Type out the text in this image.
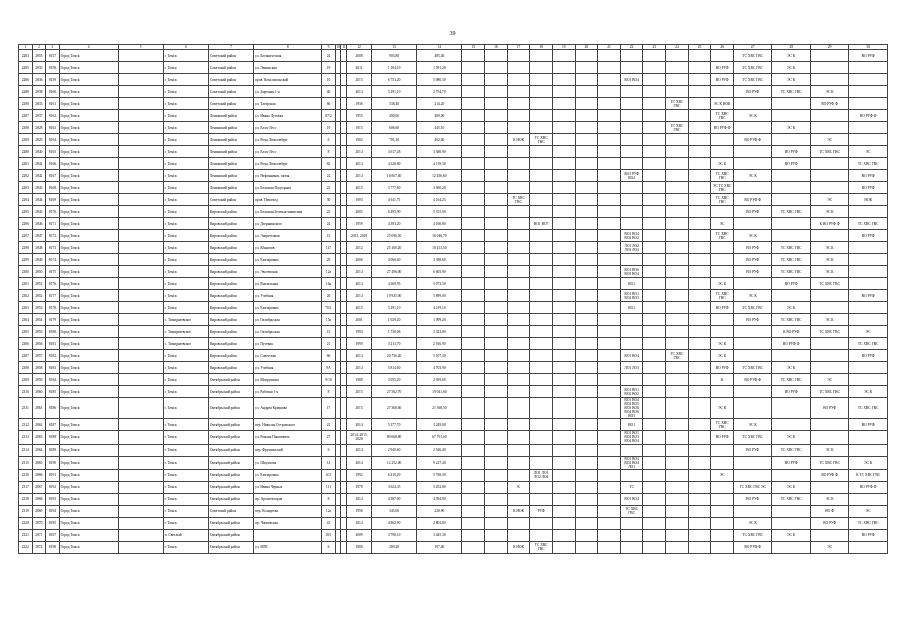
39
1	2	3	4	5	6	7	8	9	10	11	12	13	14	15	16	17	18	19	20	21	22	23	24	25	26	27	28	29	30
2283	2855	8157	Город Томск		г. Томск	Советский район	ул. Ботаническая	24			2008	903,80	485,40													ТС ХВС ГВС	ЭС К		ВО РУФ
2285	2835	8158	Город Томск		г. Томск	Советский район	ул. Ленинская	19			2011	1 104,10	1 591,20												ВО РУФ	ТС ХВС ГВС	ЭС К		
2286	2836	8159	Город Томск		г. Томск	Советский район	пров. Комсомольский	10			2015	6 753,20	5 080,30								ВО1 ВО4				ВО РУФ	ТС ХВС ГВС	ЭС К		
2288	2838	8160	Город Томск		г. Томск	Советский район	ул. Заречная 1-я	40			2014	5 291,10	2 754,70													ВО РУФ	ТС ХВС ГВС	ЭС К	
2290	2833	8161	Город Томск		г. Томск	Советский район	ул. Татарская	66			1936	338,40	214,20										ТС ХВС ГВС		ЭС К НОК			ВО РУФ Ф	
2307	2837	8162	Город Томск		г. Томск	Ленинский район	ул. Ивана Лутовка	87/2			1955	490,00	490,00												ТС ХВС ГВС	ЭС К			ВО РУФ Ф
2308	2828	8163	Город Томск		г. Томск	Ленинский район	ул. Елок-Лесс	19			1915	606,60	445,10										ТС ХВС ГВС		ВО РУФ Ф		ЭС К		
2309	2829	8164	Город Томск		г. Томск	Ленинский район	ул. Розы Люксембург	6			1902	701,10	462,60			К НОК	ТС ХВС ГВС									ВО РУФ Ф		ЭС	
2280	2840	8165	Город Томск		г. Томск	Ленинский район	ул. Елок-Лесс	8			2014	3 617,28	3 380,90														ВО РУФ	ТС ХВС ГВС	ЭС
2281	2841	8166	Город Томск		г. Томск	Ленинский район	ул. Розы Люксембург	65			2014	4 326,80	4 139,30												ЭС К		ВО РУФ		ТС ХВС ГВС
2292	2842	8167	Город Томск		г. Томск	Ленинский район	ул. Нефтяников, пятая	22			2014	16 067,40	12 456,60								ВО1 РУФ ВО4				ТС ХВС ГВС	ЭС К			ВО РУФ
2293	2843	8168	Город Томск		г. Томск	Ленинский район	ул. Большая Подгорная	23			2015	3 777,60	3 360,20												ЭС ТС ХВС ГВС				ВО РУФ
2294	2844	8169	Город Томск		г. Томск	Советский район	пров. Пешеход	30			1903	4 611,75	4 164,25			ТС ХВС ГВС									ТС ХВС ГВС	ВО РУФ Ф		ЭС	НОК
2295	2845	8170	Город Томск		г. Томск	Кировский район	ул. Большая Зеленая-никитина	25			2005	6 495,90	5 315,90													ВО РУФ	ТС ХВС ГВС	ЭС К	
2296	2846	8171	Город Томск		г. Томск	Кировский район	ул. Дзержинского	24			1959	4 393,20	4 160,80				ВО1 ВО7								ЭС			К ВО РУФ Ф	ТС ХВС ГВС
2297	2847	8172	Город Томск		г. Томск	Кировский район	ул. Энергетиков	15			2015, 2018	25 096,50	16 046,70								ВО1 ВО4 ВО2 ВО2				ТС ХВС ГВС	ЭС К			ВО РУФ
2298	2848	8173	Город Томск		г. Томск	Кировский район	ул. Юннатов	147			2012	25 160,20	10 413,50								ЛО1 ЛО2 ЛО3 ЛО4					ВО РУФ	ТС ХВС ГВС	ЭС К	
2299	2849	8174	Город Томск		г. Томск	Кировский район	ул. Елизаровых	29			2006	4 066,60	3 398,60													ВО РУФ	ТС ХВС ГВС	ЭС К	
2300	2850	8175	Город Томск		г. Томск	Кировский район	ул. Эвсеевская	12а			2014	27 496,00	6 605,90								ВО1 ВО6 ВО3 ВО4					ВО РУФ	ТС ХВС ГВС	ЭС К	
2301	2851	8176	Город Томск		г. Томск	Кировский район	ул. Вокзальная	16а			2014	4 369,95	3 073,30								ВО1				ЭС К		ВО РУФ	ТС ХВС ГВС	
2302	2852	8177	Город Томск		г. Томск	Кировский район	ул. Учебная	26			2014	19 925,00	5 899,00								ВО1 ВО1 ВО2 ВО3				ТС ХВС ГВС	ЭС К			ВО РУФ
2303	2853	8178	Город Томск		г. Томск	Кировский район	ул. Елизаровых	70/1			2015	5 291,10	4 219,10								ВО1				ВО РУФ	ТС ХВС ГВС	ЭС К		
2304	2854	8179	Город Томск		с. Тимирязевское	Кировский район	ул. Октябрьская	15а			2001	1 029,20	1 099,20													ВО РУФ	ТС ХВС ГВС	ЭС К	
2305	2855	8180	Город Томск		с. Тимирязевское	Кировский район	ул. Октябрьская	15			1993	1 730,06	3 323,80														К ВО РУФ	ТС ХВС ГВС	ЭС
2306	2856	8181	Город Томск		с. Тимирязевское	Кировский район	ул. Путевая	21			1990	3 213,70	2 916,90												ЭС К		ВО РУФ Ф		ТС ХВС ГВС
2307	2857	8182	Город Томск		г. Томск	Кировский район	ул. Советская	66			2014	20 756,20	5 107,40								ВО1 ВО4		ТС ХВС ГВС		ЭС К				ВО РУФ
2308	2858	8183	Город Томск		г. Томск	Кировский район	ул. Учебная	9А			2014	5 814,60	4 703,90								ЛО1 ЛО3				ВО РУФ	ТС ХВС ГВС	ЭС К		
2309	2859	8184	Город Томск		г. Томск	Октябрьский район	ул. Мокрушина	9/10			1989	3 055,20	2 959,60												К	ВО РУФ Ф	ТС ХВС ГВС	ЭС	
2310	2860	8185	Город Томск		г. Томск	Октябрьский район	ул. Рабочая 1-я	8			2015	27 562,70	19 041,60								ВО1 ВО1 ВО2 ВО2						ВО РУФ	ТС ХВС ГВС	ЭС К
2311	2861	8186	Город Томск		г. Томск	Октябрьский район	ул. Андрея Крячкова	17			2015	27 368,60	21 368,50								ВО1 ВО4 ВО2 ВО5 ВО3 ВО6 ВО4 ВО6 ВО5				ЭС К			ВО РУФ	ТС ХВС ГВС
2312	2862	8187	Город Томск		г. Томск	Октябрьский район	пер. Николая Островского	22			2014	5 377,70	3 249,80								ВО1				ТС ХВС ГВС	ЭС К			ВО РУФ
2313	2863	8188	Город Томск		г. Томск	Октябрьский район	ул. Романа Пашкевича	27			2014, 2015, 2020	80 668,80	67 791,60								ВО1 ВО1 ВО2 ВО3 ВО4 ВО4				ВО РУФ	ТС ХВС ГВС	ЭС К		
2314	2864	8189	Город Томск		г. Томск	Октябрьский район	пер. Фрунзенский	6			2014	2 940,60	2 546,40													ВО РУФ	ТС ХВС ГВС	ЭС К	
2315	2865	8190	Город Томск		г. Томск	Октябрьский район	ул. Шпунтова	14			2014	12 252,00	9 227,40								ВО1 ВО4 ВО2 ВО4 ЛО1						ВО РУФ	ТС ХВС ГВС	ЭС К
2316	2866	8191	Город Томск		г. Томск	Октябрьский район	ул. Елизаровых	6/3			1992	6 410,20	5 768,30				ЛО1 ЛО1 ЛО2 ЛО4								ЭС			ВО РУФ Ф	К ТС ХВС ГВС
2317	2867	8192	Город Томск		г. Томск	Октябрьский район	ул. Ивана Черных	111			1970	3 624,35	3 252,80			К					ТС					ТС ХВС ГВС ЭС	ЭС К		ВО РУФ Ф
2318	2868	8193	Город Томск		г. Томск	Октябрьский район	пр. Архитекторов	8			2014	4 387,00	4 394,90								ВО1 ВО4					ВО РУФ	ТС ХВС ГВС	ЭС К	
2319	2869	8194	Город Томск		г. Томск	Советский район	пер. Ксандеева	12а			1958	345,00	228,90			К НОК	РУФ				ТС ХВС ГВС							ВО Ф	ЭС
2320	2870	8195	Город Томск		г. Томск	Октябрьский район	пр. Чапаевская	41			2014	4 862,00	2 802,80													ЭС К		ВО РУФ	ТС ХВС ГВС
2321	2871	8197	Город Томск		п. Светлый	Октябрьский район		10/1			2009	3 798,10	3 445,30													ТС ХВС ГВС	ЭС К		ВО РУФ
2322	2872	8198	Город Томск		г. Томск	Октябрьский район	ул. МПС	6			1900	269,20	197,40			К НОК	ТС ХВС ГВС									ВО РУФ Ф		ЭС	
